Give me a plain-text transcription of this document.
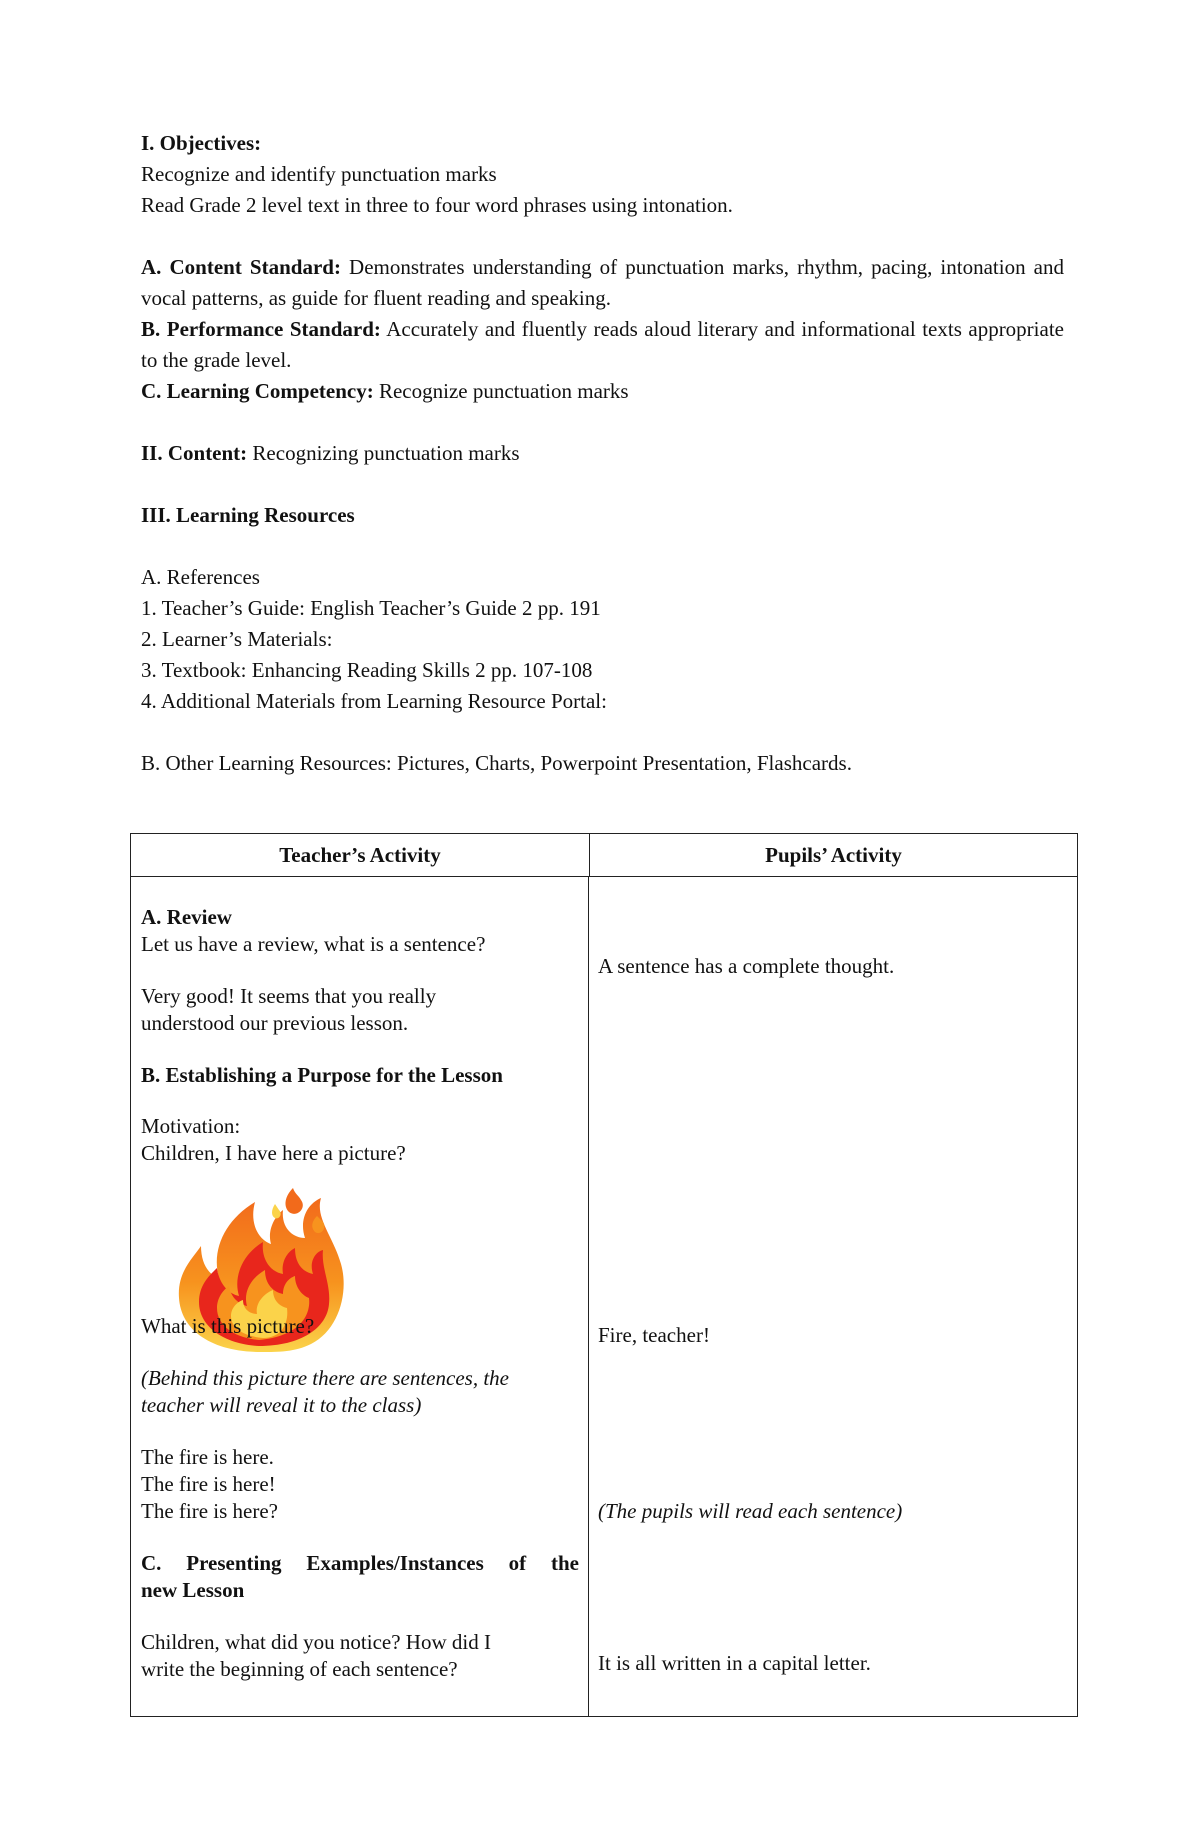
I. Objectives:
Recognize and identify punctuation marks
Read Grade 2 level text in three to four word phrases using intonation.
A. Content Standard: Demonstrates understanding of punctuation marks, rhythm, pacing, intonation and vocal patterns, as guide for fluent reading and speaking.
B. Performance Standard: Accurately and fluently reads aloud literary and informational texts appropriate to the grade level.
C. Learning Competency: Recognize punctuation marks
II. Content: Recognizing punctuation marks
III. Learning Resources
A. References
1. Teacher’s Guide: English Teacher’s Guide 2 pp. 191
2. Learner’s Materials:
3. Textbook: Enhancing Reading Skills 2 pp. 107-108
4. Additional Materials from Learning Resource Portal:
B. Other Learning Resources: Pictures, Charts, Powerpoint Presentation, Flashcards.
Teacher’s Activity	Pupils’ Activity
A. Review
Let us have a review, what is a sentence?
Very good! It seems that you really
understood our previous lesson.
B. Establishing a Purpose for the Lesson
Motivation:
Children, I have here a picture?
What is this picture?
(Behind this picture there are sentences, the
teacher will reveal it to the class)
The fire is here.
The fire is here!
The fire is here?
C. Presenting Examples/Instances of the
new Lesson
Children, what did you notice? How did I
write the beginning of each sentence?
A sentence has a complete thought.
Fire, teacher!
(The pupils will read each sentence)
It is all written in a capital letter.
